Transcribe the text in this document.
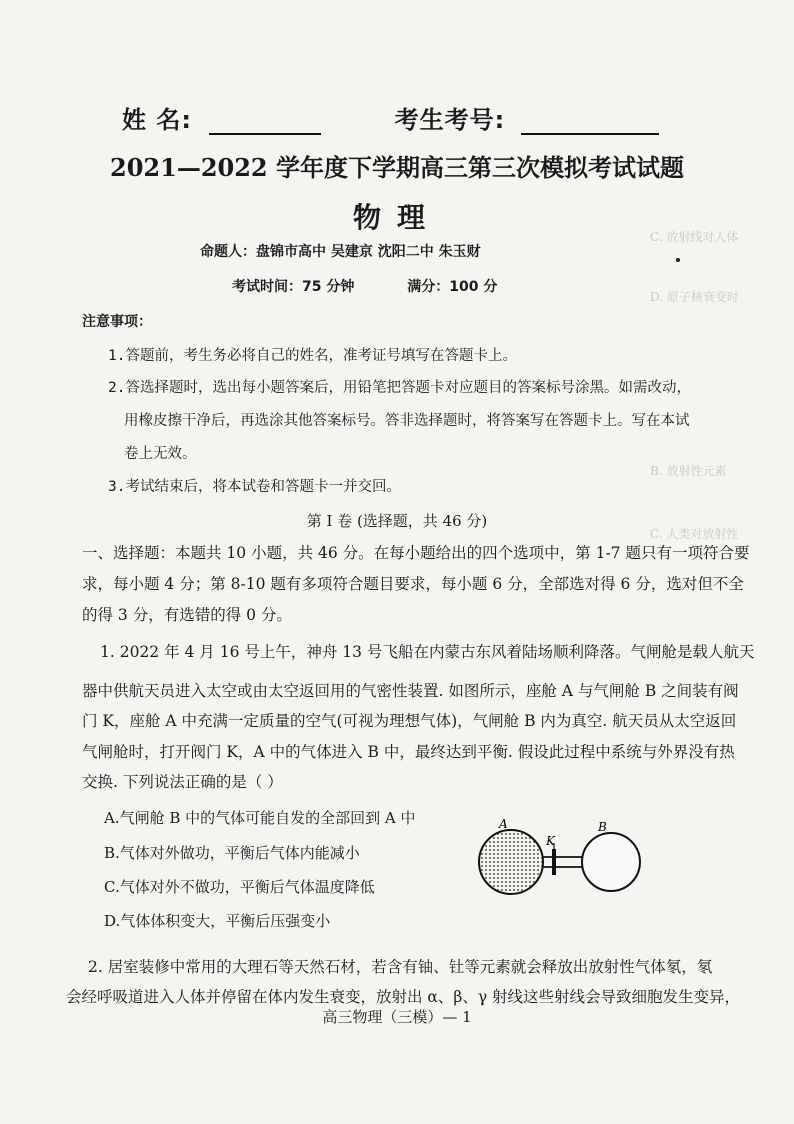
姓 名:	考生考号:
2021—2022 学年度下学期高三第三次模拟考试试题
物理
命题人：盘锦市高中 吴建京 沈阳二中 朱玉财
考试时间：75 分钟	满分：100 分
注意事项：
1.答题前，考生务必将自己的姓名，准考证号填写在答题卡上。
2.答选择题时，选出每小题答案后，用铅笔把答题卡对应题目的答案标号涂黑。如需改动，
用橡皮擦干净后，再选涂其他答案标号。答非选择题时，将答案写在答题卡上。写在本试
卷上无效。
3.考试结束后，将本试卷和答题卡一并交回。
第 I 卷 (选择题，共 46 分)
一、选择题：本题共 10 小题，共 46 分。在每小题给出的四个选项中，第 1-7 题只有一项符合要
求，每小题 4 分；第 8-10 题有多项符合题目要求，每小题 6 分，全部选对得 6 分，选对但不全
的得 3 分，有选错的得 0 分。
1. 2022 年 4 月 16 号上午，神舟 13 号飞船在内蒙古东风着陆场顺利降落。气闸舱是载人航天
器中供航天员进入太空或由太空返回用的气密性装置. 如图所示，座舱 A 与气闸舱 B 之间装有阀
门 K，座舱 A 中充满一定质量的空气(可视为理想气体)，气闸舱 B 内为真空. 航天员从太空返回
气闸舱时，打开阀门 K，A 中的气体进入 B 中，最终达到平衡. 假设此过程中系统与外界没有热
交换. 下列说法正确的是（ ）
A.气闸舱 B 中的气体可能自发的全部回到 A 中
B.气体对外做功，平衡后气体内能减小
C.气体对外不做功，平衡后气体温度降低
D.气体体积变大，平衡后压强变小
A
K
B
2. 居室装修中常用的大理石等天然石材，若含有铀、钍等元素就会释放出放射性气体氡，氡
会经呼吸道进入人体并停留在体内发生衰变，放射出 α、β、γ 射线这些射线会导致细胞发生变异，
高三物理（三模）— 1
C. 放射线对人体
D. 原子核衰变时
B. 放射性元素
C. 人类对放射性
